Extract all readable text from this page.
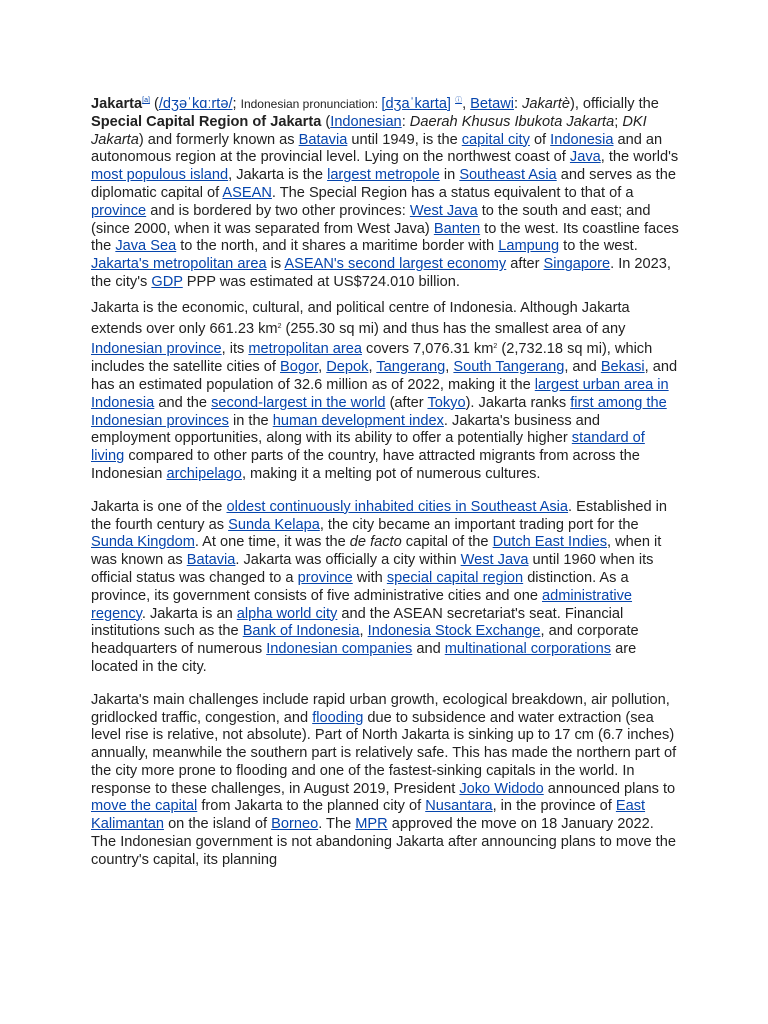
Jakarta[a] (/dʒəˈkɑːrtə/; Indonesian pronunciation: [dʒaˈkarta] ⓘ, Betawi: Jakartè), officially the Special Capital Region of Jakarta (Indonesian: Daerah Khusus Ibukota Jakarta; DKI Jakarta) and formerly known as Batavia until 1949, is the capital city of Indonesia and an autonomous region at the provincial level. Lying on the northwest coast of Java, the world's most populous island, Jakarta is the largest metropole in Southeast Asia and serves as the diplomatic capital of ASEAN. The Special Region has a status equivalent to that of a province and is bordered by two other provinces: West Java to the south and east; and (since 2000, when it was separated from West Java) Banten to the west. Its coastline faces the Java Sea to the north, and it shares a maritime border with Lampung to the west. Jakarta's metropolitan area is ASEAN's second largest economy after Singapore. In 2023, the city's GDP PPP was estimated at US$724.010 billion.

Jakarta is the economic, cultural, and political centre of Indonesia. Although Jakarta extends over only 661.23 $km^2$ (255.30 sq mi) and thus has the smallest area of any Indonesian province, its metropolitan area covers 7,076.31 $km^2$ (2,732.18 sq mi), which includes the satellite cities of Bogor, Depok, Tangerang, South Tangerang, and Bekasi, and has an estimated population of 32.6 million as of 2022, making it the largest urban area in Indonesia and the second-largest in the world (after Tokyo). Jakarta ranks first among the Indonesian provinces in the human development index. Jakarta's business and employment opportunities, along with its ability to offer a potentially higher standard of living compared to other parts of the country, have attracted migrants from across the Indonesian archipelago, making it a melting pot of numerous cultures.

Jakarta is one of the oldest continuously inhabited cities in Southeast Asia. Established in the fourth century as Sunda Kelapa, the city became an important trading port for the Sunda Kingdom. At one time, it was the de facto capital of the Dutch East Indies, when it was known as Batavia. Jakarta was officially a city within West Java until 1960 when its official status was changed to a province with special capital region distinction. As a province, its government consists of five administrative cities and one administrative regency. Jakarta is an alpha world city and the ASEAN secretariat's seat. Financial institutions such as the Bank of Indonesia, Indonesia Stock Exchange, and corporate headquarters of numerous Indonesian companies and multinational corporations are located in the city.

Jakarta's main challenges include rapid urban growth, ecological breakdown, air pollution, gridlocked traffic, congestion, and flooding due to subsidence and water extraction (sea level rise is relative, not absolute). Part of North Jakarta is sinking up to 17 cm (6.7 inches) annually, meanwhile the southern part is relatively safe. This has made the northern part of the city more prone to flooding and one of the fastest-sinking capitals in the world. In response to these challenges, in August 2019, President Joko Widodo announced plans to move the capital from Jakarta to the planned city of Nusantara, in the province of East Kalimantan on the island of Borneo. The MPR approved the move on 18 January 2022. The Indonesian government is not abandoning Jakarta after announcing plans to move the country's capital, its planning
